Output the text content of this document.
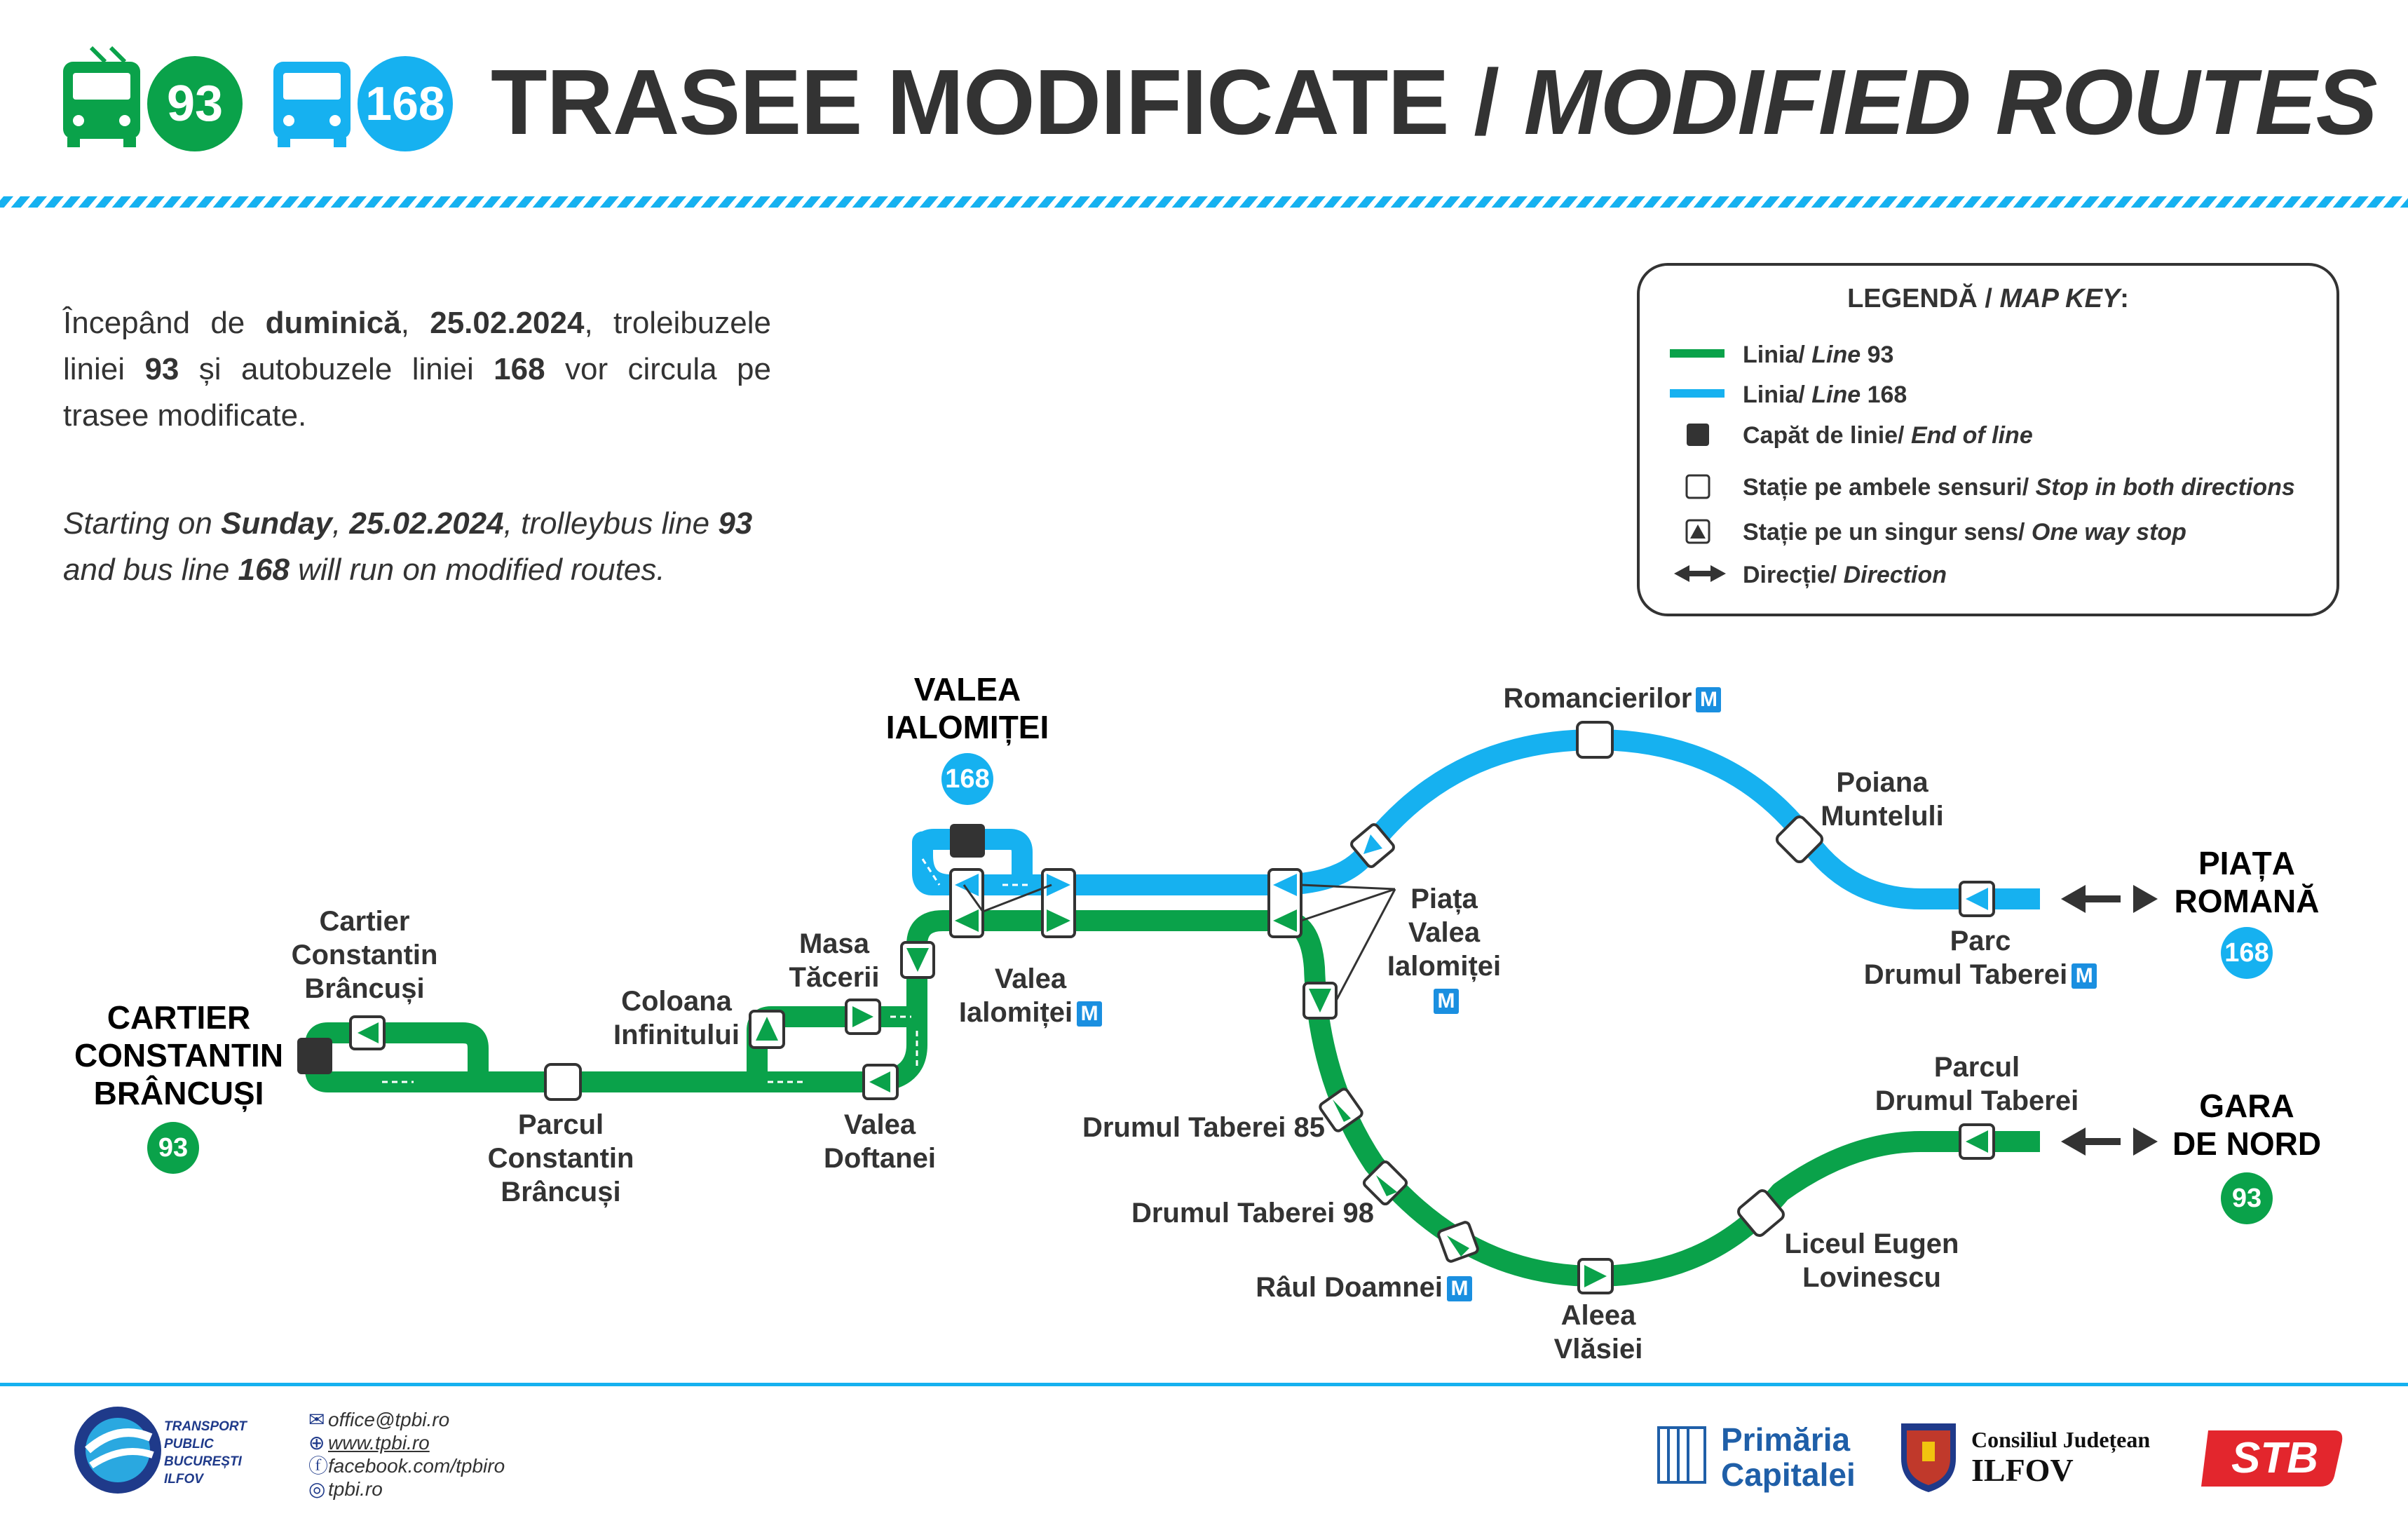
93	168 TRASEE MODIFICATE / MODIFIED ROUTES
Începând de duminică, 25.02.2024, troleibuzele liniei 93 și autobuzele liniei 168 vor circula pe trasee modificate.
Starting on Sunday, 25.02.2024, trolleybus line 93 and bus line 168 will run on modified routes.
LEGENDĂ / MAP KEY:
Linia/ Line 93
Linia/ Line 168
Capăt de linie/ End of line
Stație pe ambele sensuri/ Stop in both directions
Stație pe un singur sens/ One way stop
Direcție/ Direction
CARTIER
CONSTANTIN
BRÂNCUȘI
93
VALEA
IALOMIȚEI
168
PIAȚA
ROMANĂ
168
GARA
DE NORD
93
Cartier
Constantin
Brâncuși
Parcul
Constantin
Brâncuși
Coloana
Infinitului
Masa
Tăcerii
Valea
Doftanei
Valea
Ialomiței M
Piața
Valea
Ialomiței
M
Romancierilor M
Poiana
Munteluli
Parc
Drumul Taberei M
Parcul
Drumul Taberei
Drumul Taberei 85
Drumul Taberei 98
Râul Doamnei M
Aleea
Vlăsiei
Liceul Eugen
Lovinescu
TRANSPORT
PUBLIC
BUCUREȘTI
ILFOV
✉ office@tpbi.ro
⊕ www.tpbi.ro
ⓕfacebook.com/tpbiro
◎ tpbi.ro
Primăria
Capitalei
Consiliul Județean
ILFOV	STB
